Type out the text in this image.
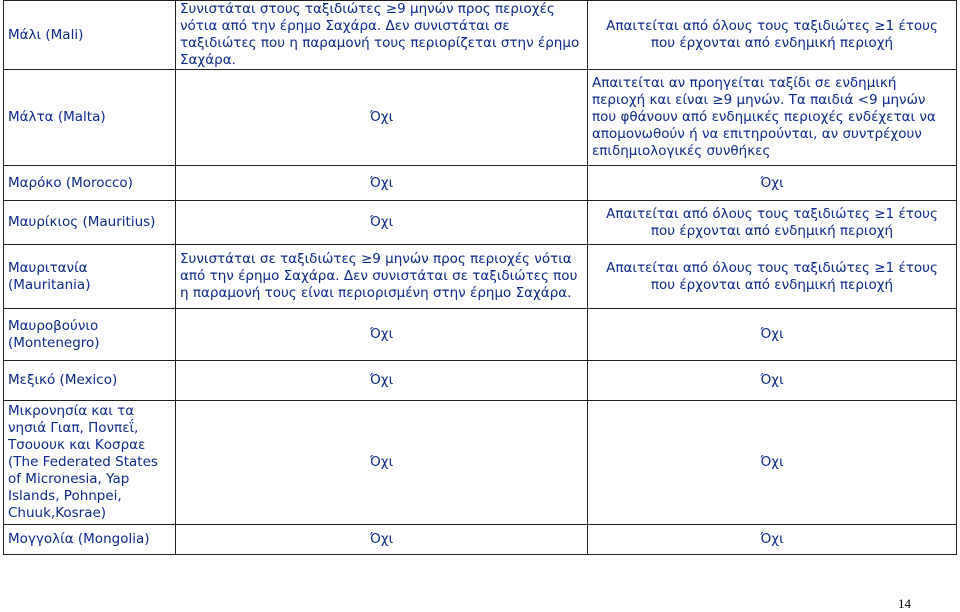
Μάλι (Mali)	Συνιστάται στους ταξιδιώτες ≥9 μηνών προς περιοχές νότια από την έρημο Σαχάρα. Δεν συνιστάται σε ταξιδιώτες που η παραμονή τους περιορίζεται στην έρημο Σαχάρα.	Απαιτείται από όλους τους ταξιδιώτες ≥1 έτους που έρχονται από ενδημική περιοχή
Μάλτα (Malta)	Όχι	Απαιτείται αν προηγείται ταξίδι σε ενδημική περιοχή και είναι ≥9 μηνών. Τα παιδιά <9 μηνών που φθάνουν από ενδημικές περιοχές ενδέχεται να απομονωθούν ή να επιτηρούνται, αν συντρέχουν επιδημιολογικές συνθήκες
Μαρόκο (Morocco)	Όχι	Όχι
Μαυρίκιος (Mauritius)	Όχι	Απαιτείται από όλους τους ταξιδιώτες ≥1 έτους που έρχονται από ενδημική περιοχή
Μαυριτανία (Mauritania)	Συνιστάται σε ταξιδιώτες ≥9 μηνών προς περιοχές νότια από την έρημο Σαχάρα. Δεν συνιστάται σε ταξιδιώτες που η παραμονή τους είναι περιορισμένη στην έρημο Σαχάρα.	Απαιτείται από όλους τους ταξιδιώτες ≥1 έτους που έρχονται από ενδημική περιοχή
Μαυροβούνιο (Montenegro)	Όχι	Όχι
Μεξικό (Mexico)	Όχι	Όχι
Μικρονησία και τα νησιά Γιαπ, Πονπεΐ, Τσουουκ και Κοσραε (The Federated States of Micronesia, Yap Islands, Pohnpei, Chuuk,Kosrae)	Όχι	Όχι
Μογγολία (Mongolia)	Όχι	Όχι
14
